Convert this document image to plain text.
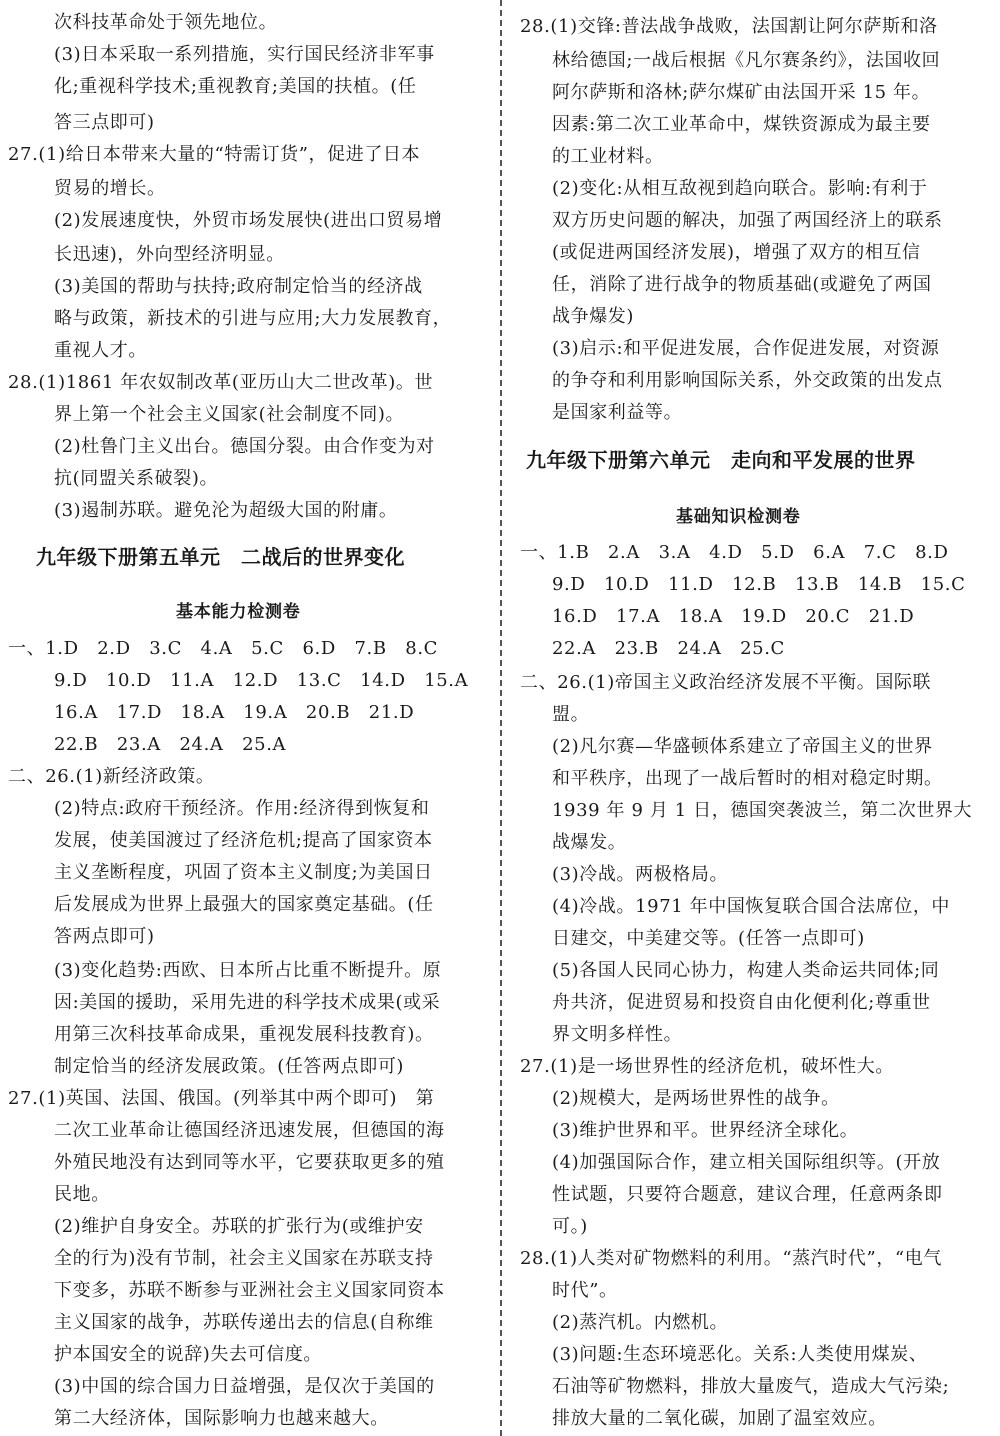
次科技革命处于领先地位。
(3)日本采取一系列措施，实行国民经济非军事
化;重视科学技术;重视教育;美国的扶植。(任
答三点即可)
27.(1)给日本带来大量的“特需订货”，促进了日本
贸易的增长。
(2)发展速度快，外贸市场发展快(进出口贸易增
长迅速)，外向型经济明显。
(3)美国的帮助与扶持;政府制定恰当的经济战
略与政策，新技术的引进与应用;大力发展教育，
重视人才。
28.(1)1861 年农奴制改革(亚历山大二世改革)。世
界上第一个社会主义国家(社会制度不同)。
(2)杜鲁门主义出台。德国分裂。由合作变为对
抗(同盟关系破裂)。
(3)遏制苏联。避免沦为超级大国的附庸。
九年级下册第五单元　二战后的世界变化
基本能力检测卷
一、1.D　2.D　3.C　4.A　5.C　6.D　7.B　8.C
9.D　10.D　11.A　12.D　13.C　14.D　15.A
16.A　17.D　18.A　19.A　20.B　21.D
22.B　23.A　24.A　25.A
二、26.(1)新经济政策。
(2)特点:政府干预经济。作用:经济得到恢复和
发展，使美国渡过了经济危机;提高了国家资本
主义垄断程度，巩固了资本主义制度;为美国日
后发展成为世界上最强大的国家奠定基础。(任
答两点即可)
(3)变化趋势:西欧、日本所占比重不断提升。原
因:美国的援助，采用先进的科学技术成果(或采
用第三次科技革命成果，重视发展科技教育)。
制定恰当的经济发展政策。(任答两点即可)
27.(1)英国、法国、俄国。(列举其中两个即可)　第
二次工业革命让德国经济迅速发展，但德国的海
外殖民地没有达到同等水平，它要获取更多的殖
民地。
(2)维护自身安全。苏联的扩张行为(或维护安
全的行为)没有节制，社会主义国家在苏联支持
下变多，苏联不断参与亚洲社会主义国家同资本
主义国家的战争，苏联传递出去的信息(自称维
护本国安全的说辞)失去可信度。
(3)中国的综合国力日益增强，是仅次于美国的
第二大经济体，国际影响力也越来越大。
28.(1)交锋:普法战争战败，法国割让阿尔萨斯和洛
林给德国;一战后根据《凡尔赛条约》，法国收回
阿尔萨斯和洛林;萨尔煤矿由法国开采 15 年。
因素:第二次工业革命中，煤铁资源成为最主要
的工业材料。
(2)变化:从相互敌视到趋向联合。影响:有利于
双方历史问题的解决，加强了两国经济上的联系
(或促进两国经济发展)，增强了双方的相互信
任，消除了进行战争的物质基础(或避免了两国
战争爆发)
(3)启示:和平促进发展，合作促进发展，对资源
的争夺和利用影响国际关系，外交政策的出发点
是国家利益等。
九年级下册第六单元　走向和平发展的世界
基础知识检测卷
一、1.B　2.A　3.A　4.D　5.D　6.A　7.C　8.D
9.D　10.D　11.D　12.B　13.B　14.B　15.C
16.D　17.A　18.A　19.D　20.C　21.D
22.A　23.B　24.A　25.C
二、26.(1)帝国主义政治经济发展不平衡。国际联
盟。
(2)凡尔赛—华盛顿体系建立了帝国主义的世界
和平秩序，出现了一战后暂时的相对稳定时期。
1939 年 9 月 1 日，德国突袭波兰，第二次世界大
战爆发。
(3)冷战。两极格局。
(4)冷战。1971 年中国恢复联合国合法席位，中
日建交，中美建交等。(任答一点即可)
(5)各国人民同心协力，构建人类命运共同体;同
舟共济，促进贸易和投资自由化便利化;尊重世
界文明多样性。
27.(1)是一场世界性的经济危机，破坏性大。
(2)规模大，是两场世界性的战争。
(3)维护世界和平。世界经济全球化。
(4)加强国际合作，建立相关国际组织等。(开放
性试题，只要符合题意，建议合理，任意两条即
可。)
28.(1)人类对矿物燃料的利用。“蒸汽时代”，“电气
时代”。
(2)蒸汽机。内燃机。
(3)问题:生态环境恶化。关系:人类使用煤炭、
石油等矿物燃料，排放大量废气，造成大气污染;
排放大量的二氧化碳，加剧了温室效应。
